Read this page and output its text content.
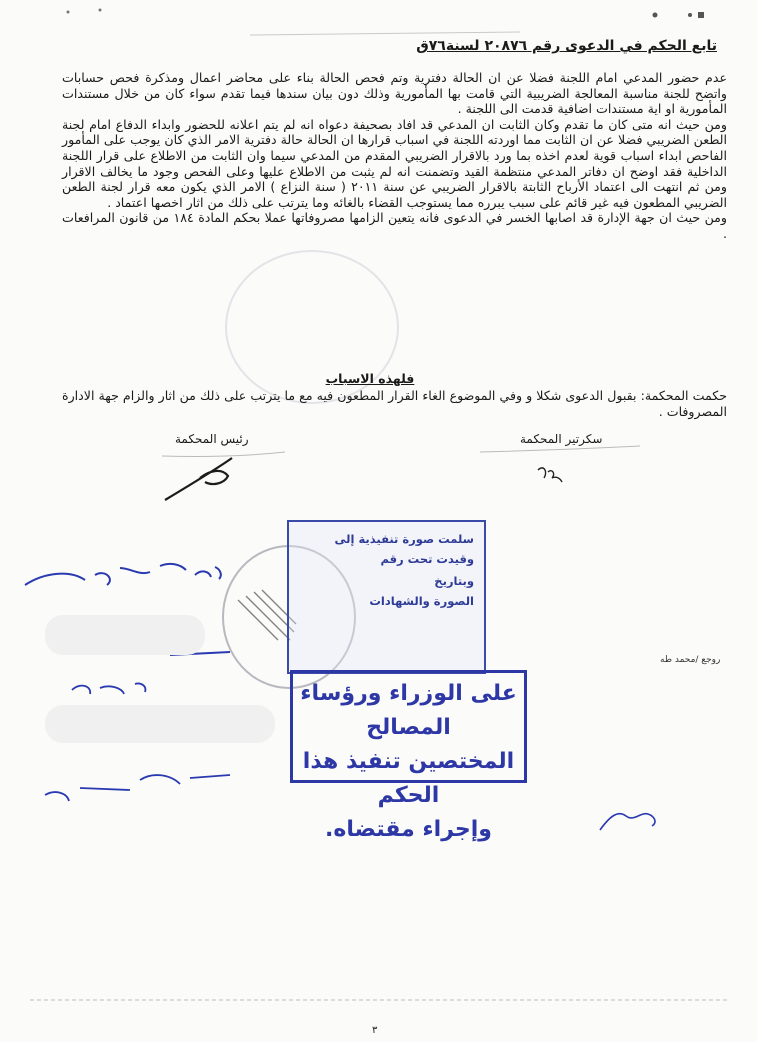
تابع الحكم في الدعوى رقم ٢٠٨٧٦ لسنة٧٦ق

عدم حضور المدعي امام اللجنة فضلا عن ان الحالة دفترية وتم فحص الحالة بناء على محاضر اعمال ومذكرة فحص حسابات واتضح للجنة مناسبة المعالجة الضريبية التي قامت بها المأمورية وذلك دون بيان سندها فيما تقدم سواء كان من خلال مستندات المأمورية او اية مستندات اضافية قدمت الى اللجنة .

ومن حيث انه متى كان ما تقدم وكان الثابت ان المدعي قد افاد بصحيفة دعواه انه لم يتم اعلانه للحضور وابداء الدفاع امام لجنة الطعن الضريبي فضلا عن ان الثابت مما اوردته اللجنة في اسباب قرارها ان الحالة حالة دفترية الامر الذي كان يوجب على المأمور الفاحص ابداء اسباب قوية لعدم اخذه بما ورد بالاقرار الضريبي المقدم من المدعي سيما وان الثابت من الاطلاع على قرار اللجنة الداخلية فقد اوضح ان دفاتر المدعي منتظمة القيد وتضمنت انه لم يثبت من الاطلاع عليها وعلى الفحص وجود ما يخالف الاقرار ومن ثم انتهت الى اعتماد الأرباح الثابتة بالاقرار الضريبي عن سنة ٢٠١١ ( سنة النزاع ) الامر الذي يكون معه قرار لجنة الطعن الضريبي المطعون فيه غير قائم على سبب يبرره مما يستوجب القضاء بالغائه وما يترتب على ذلك من اثار اخصها اعتماد .

ومن حيث ان جهة الإدارة قد اصابها الخسر في الدعوى فانه يتعين الزامها مصروفاتها عملا بحكم المادة ١٨٤ من قانون المرافعات .

فلهذه الاسباب

حكمت المحكمة: بقبول الدعوى شكلا و وفي الموضوع الغاء القرار المطعون فيه مع ما يترتب على ذلك من اثار والزام جهة الادارة المصروفات .

رئيس المحكمة	سكرتير المحكمة
سلمت صورة تنفيذية إلى
وقيدت تحت رقم
وبتاريخ
الصورة والشهادات
على الوزراء ورؤساء المصالح
المختصين تنفيذ هذا الحكم
وإجراء مقتضاه.
روجع /محمد طه
٣
